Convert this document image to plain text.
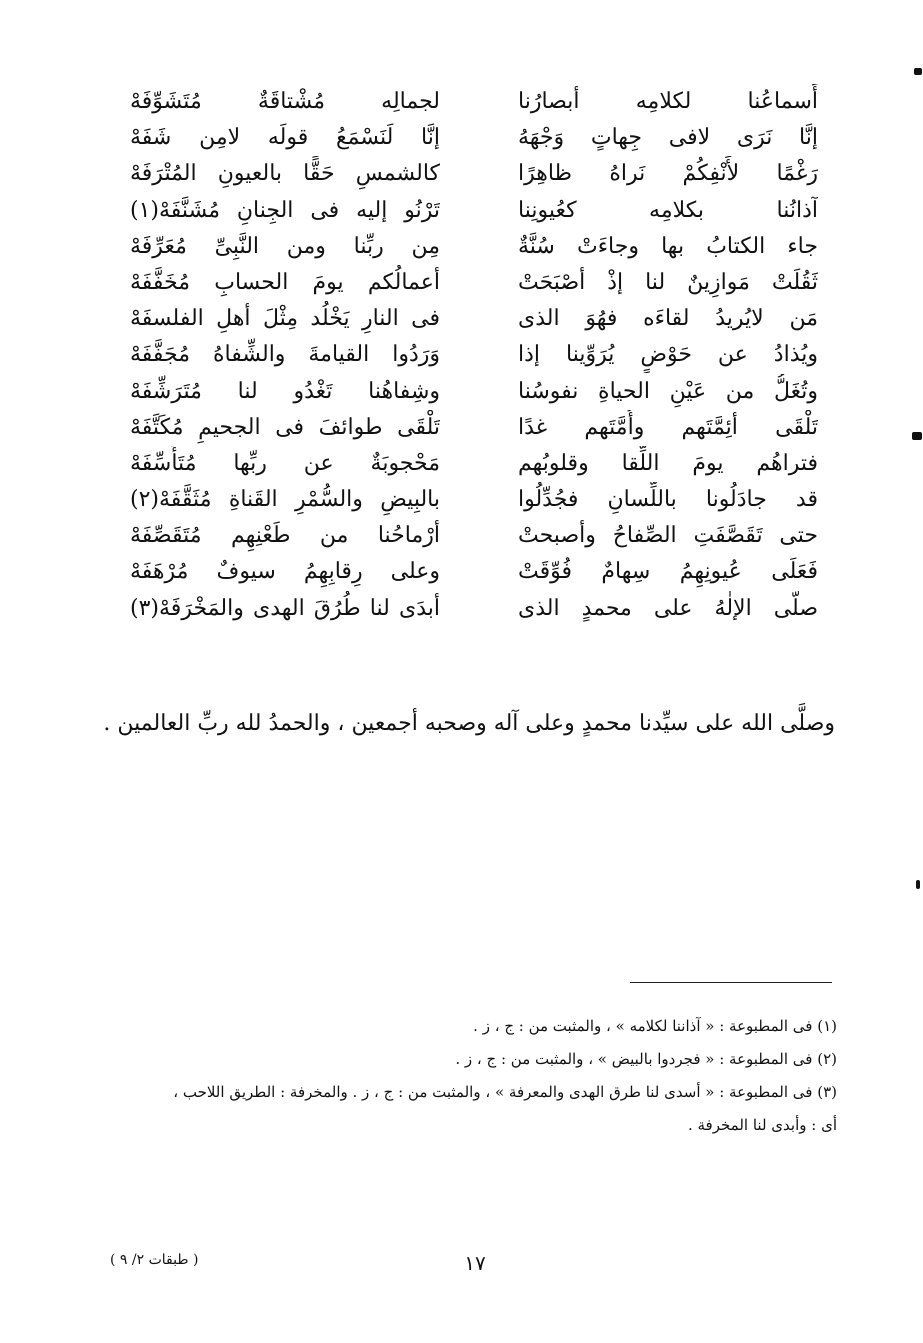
أَسماعُنا لكلامِه أبصارُنا
لجمالِه مُشْتاقَةٌ مُتَشَوِّفَهْ
إنَّا نَرَى لافى جِهاتٍ وَجْهَهُ
إنَّا لَنَسْمَعُ قولَه لامِن شَفَهْ
رَغْمًا لأَنْفِكُمْ نَراهُ ظاهِرًا
كالشمسِ حَقًّا بالعيونِ المُتْرَفَهْ
آذانُنا بكلامِه كعُيونِنا
تَرْنُو إليه فى الجِنانِ مُشَنَّفَهْ(١)
جاء الكتابُ بها وجاءَتْ سُنَّةٌ
مِن ربِّنا ومن النَّبِىِّ مُعَرِّفَهْ
ثَقُلَتْ مَوازِينٌ لنا إذْ أصْبَحَتْ
أعمالُكم يومَ الحسابِ مُخَفَّفَهْ
مَن لايُريدُ لقاءَه فهُوَ الذى
فى النارِ يَخْلُد مِثْلَ أهلِ الفلسفَهْ
ويُذادُ عن حَوْضٍ يُرَوِّينا إذا
وَرَدُوا القيامةَ والشِّفاهُ مُجَفَّفَهْ
وتُغَلُّ من عَيْنِ الحياةِ نفوسُنا
وشِفاهُنا تَغْدُو لنا مُتَرَشِّفَهْ
تَلْقَى أئِمَّتَهم وأُمَّتَهم غدًا
تَلْقَى طوائفَ فى الجحيمِ مُكَتَّفَهْ
فتراهُم يومَ اللِّقا وقلوبُهم
مَحْجوبَةٌ عن ربِّها مُتَأَسِّفَهْ
قد جادَلُونا باللِّسانِ فجُدِّلُوا
بالبِيضِ والسُّمْرِ القَناةِ مُثَقَّفَهْ(٢)
حتى تَقَصَّفَتِ الصِّفاحُ وأصبحتْ
أرْماحُنا من طَعْنِهِم مُتَقَصِّفَهْ
فَعَلَى عُيونِهِمُ سِهامٌ فُوِّقَتْ
وعلى رِقابِهِمُ سيوفٌ مُرْهَفَهْ
صلَّى الإلٰهُ على محمدٍ الذى
أبدَى لنا طُرُقَ الهدى والمَخْرَفَهْ(٣)
وصلَّى الله على سيِّدنا محمدٍ وعلى آله وصحبه أجمعين ، والحمدُ لله ربِّ العالمين .

(١) فى المطبوعة : « آذاننا لكلامه » ، والمثبت من : ج ، ز .

(٢) فى المطبوعة : « فجردوا بالبيض » ، والمثبت من : ج ، ز .

(٣) فى المطبوعة : « أسدى لنا طرق الهدى والمعرفة » ، والمثبت من : ج ، ز . والمخرفة : الطريق اللاحب ،

أى : وأبدى لنا المخرفة .

١٧
( طبقات ٢/ ٩ )
